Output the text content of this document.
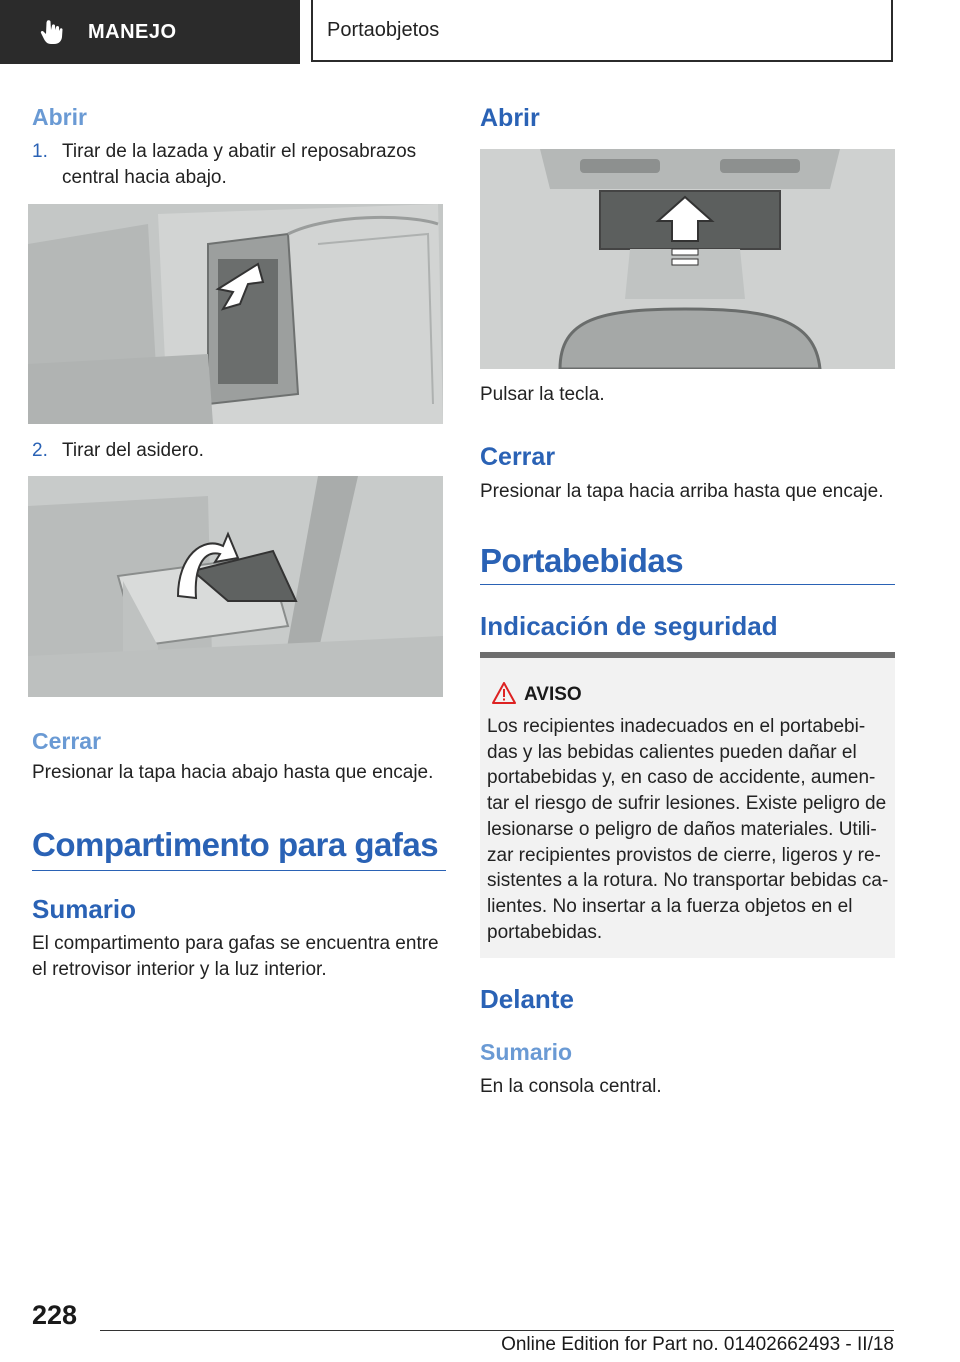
MANEJO	Portaobjetos
Abrir
1. Tirar de la lazada y abatir el reposabrazos
central hacia abajo.
2. Tirar del asidero.
Cerrar
Presionar la tapa hacia abajo hasta que encaje.
Compartimento para gafas
Sumario
El compartimento para gafas se encuentra entre
el retrovisor interior y la luz interior.
Abrir
Pulsar la tecla.
Cerrar
Presionar la tapa hacia arriba hasta que encaje.
Portabebidas
Indicación de seguridad
AVISO
Los recipientes inadecuados en el portabebi-
das y las bebidas calientes pueden dañar el
portabebidas y, en caso de accidente, aumen-
tar el riesgo de sufrir lesiones. Existe peligro de
lesionarse o peligro de daños materiales. Utili-
zar recipientes provistos de cierre, ligeros y re-
sistentes a la rotura. No transportar bebidas ca-
lientes. No insertar a la fuerza objetos en el
portabebidas.
Delante
Sumario
En la consola central.
228
Online Edition for Part no. 01402662493 - II/18
